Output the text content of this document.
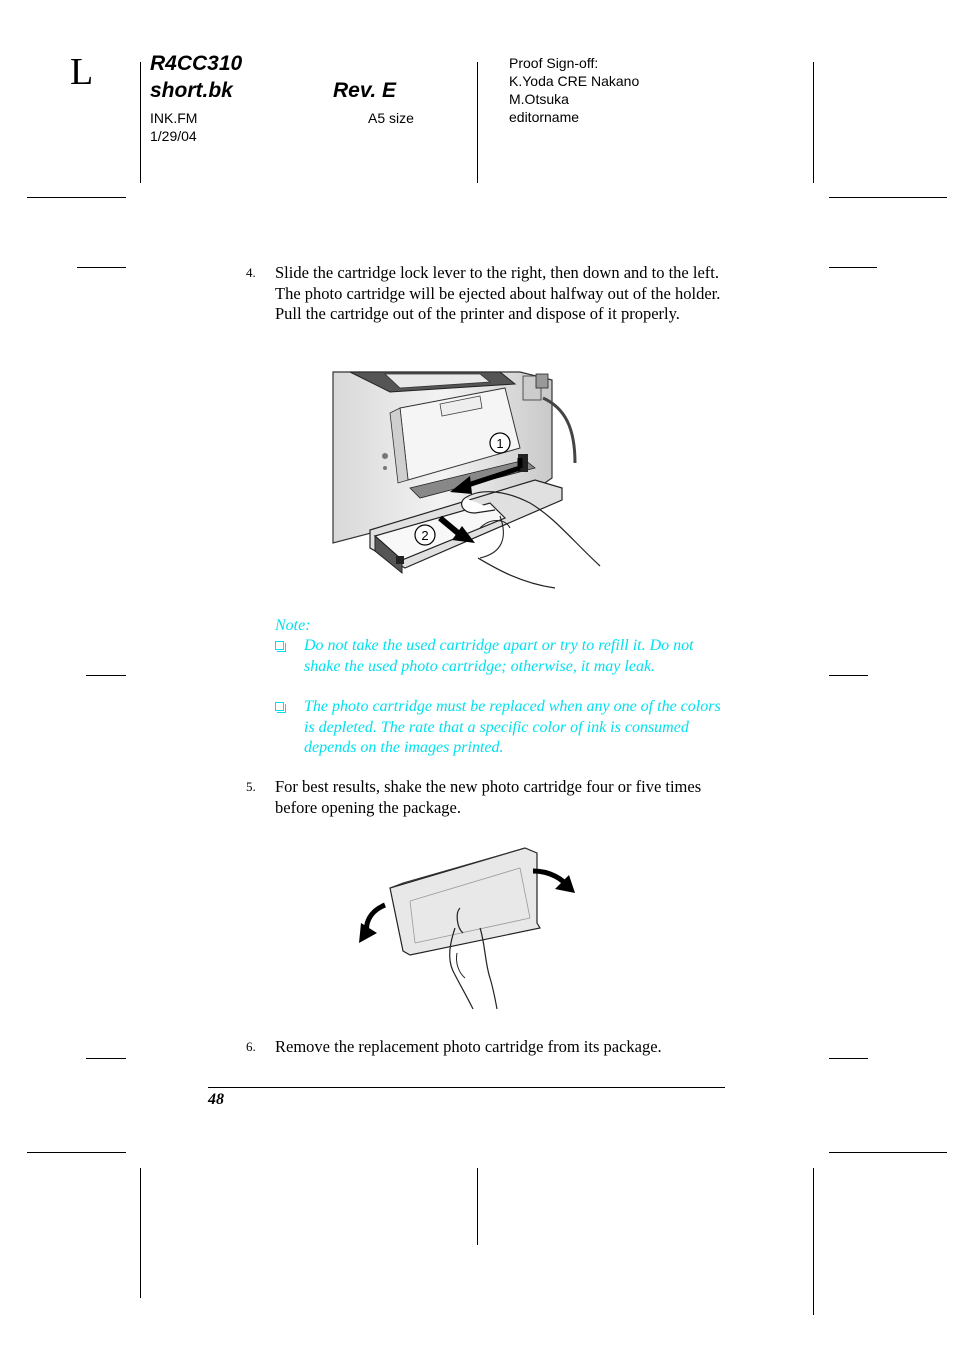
L	R4CC310
short.bk	Rev. E
INK.FM
1/29/04
A5 size
Proof Sign-off:
K.Yoda CRE Nakano
M.Otsuka
editorname
4. Slide the cartridge lock lever to the right, then down and to the left. The photo cartridge will be ejected about halfway out of the holder. Pull the cartridge out of the printer and dispose of it properly.
1
2
Note:
Do not take the used cartridge apart or try to refill it. Do not shake the used photo cartridge; otherwise, it may leak.
The photo cartridge must be replaced when any one of the colors is depleted. The rate that a specific color of ink is consumed depends on the images printed.
5. For best results, shake the new photo cartridge four or five times before opening the package.
6. Remove the replacement photo cartridge from its package.
48
